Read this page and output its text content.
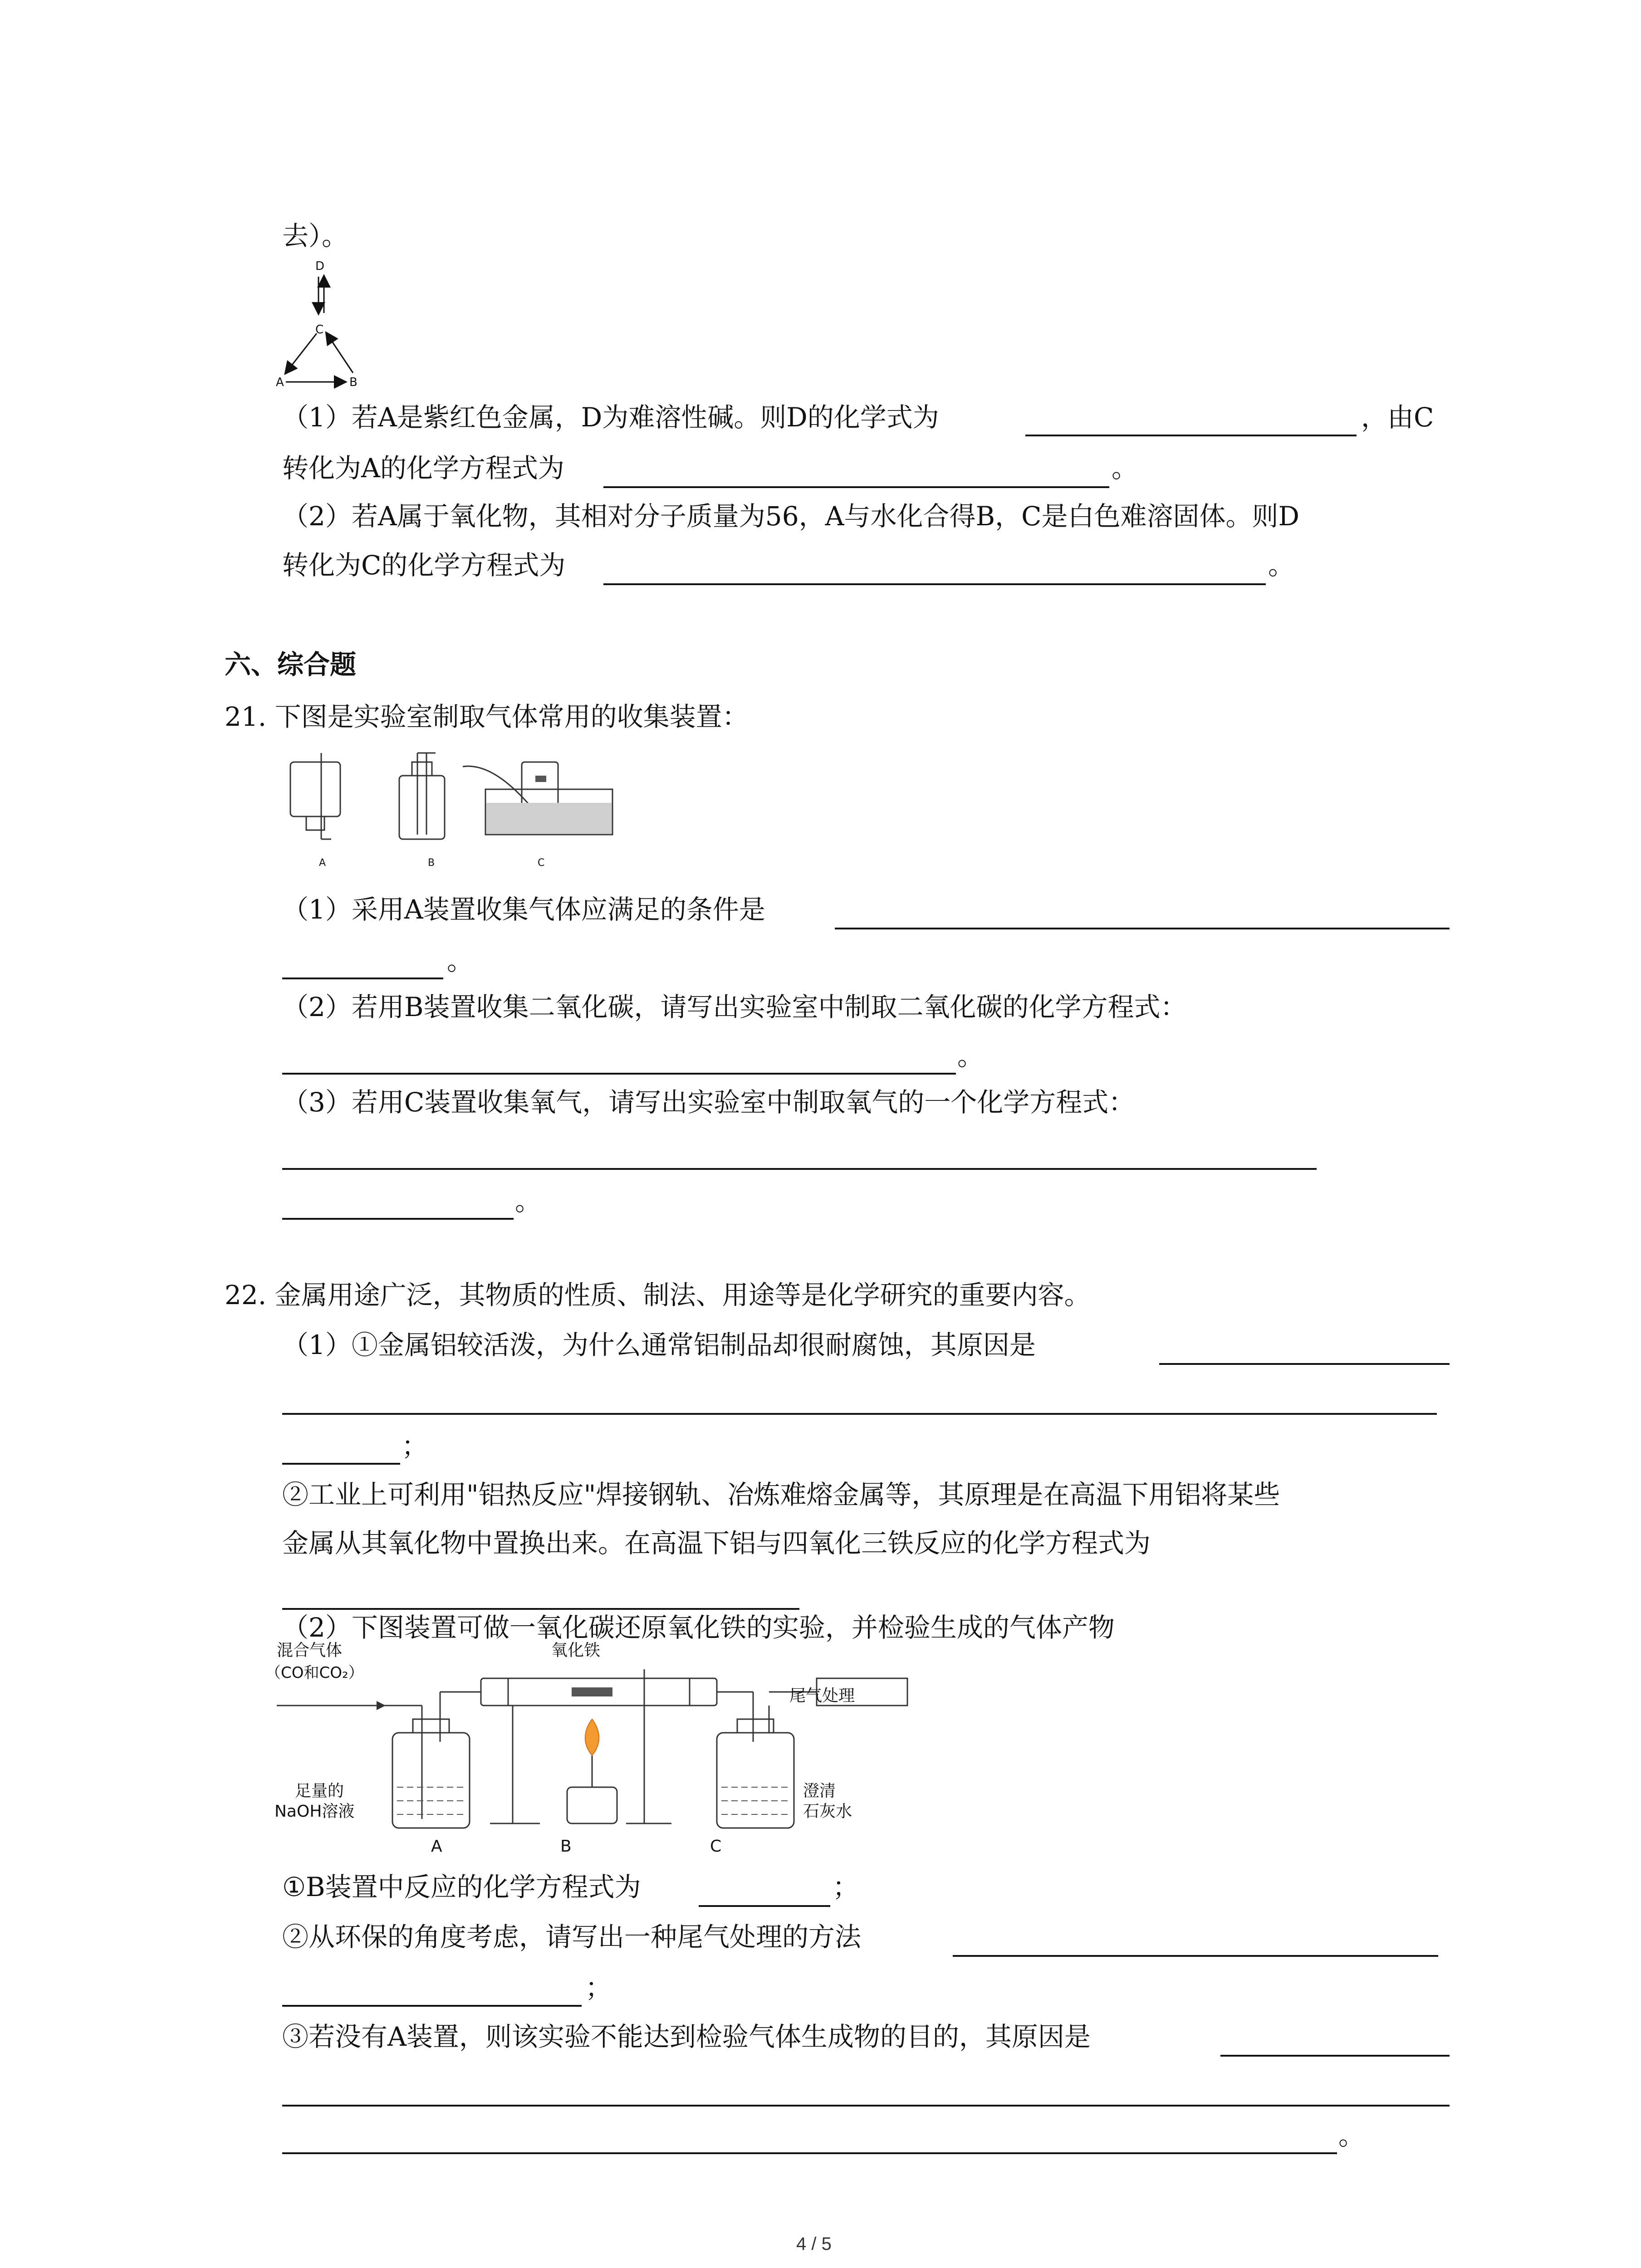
去）。
D
C
A	B
（1）若A是紫红色金属，D为难溶性碱。则D的化学式为	，由C
转化为A的化学方程式为	。
（2）若A属于氧化物，其相对分子质量为56，A与水化合得B，C是白色难溶固体。则D
转化为C的化学方程式为	。
六、综合题
21. 下图是实验室制取气体常用的收集装置：
A	B	C
（1）采用A装置收集气体应满足的条件是
。
（2）若用B装置收集二氧化碳，请写出实验室中制取二氧化碳的化学方程式：
。
（3）若用C装置收集氧气，请写出实验室中制取氧气的一个化学方程式：
。
22. 金属用途广泛，其物质的性质、制法、用途等是化学研究的重要内容。
（1）①金属铝较活泼，为什么通常铝制品却很耐腐蚀，其原因是
；
②工业上可利用"铝热反应"焊接钢轨、冶炼难熔金属等，其原理是在高温下用铝将某些
金属从其氧化物中置换出来。在高温下铝与四氧化三铁反应的化学方程式为
（2）下图装置可做一氧化碳还原氧化铁的实验，并检验生成的气体产物
混合气体
（CO和CO₂）
氧化铁
尾气处理
足量的
NaOH溶液
澄清
石灰水
A	B	C
①B装置中反应的化学方程式为	；
②从环保的角度考虑，请写出一种尾气处理的方法
；
③若没有A装置，则该实验不能达到检验气体生成物的目的，其原因是
。
4 / 5
